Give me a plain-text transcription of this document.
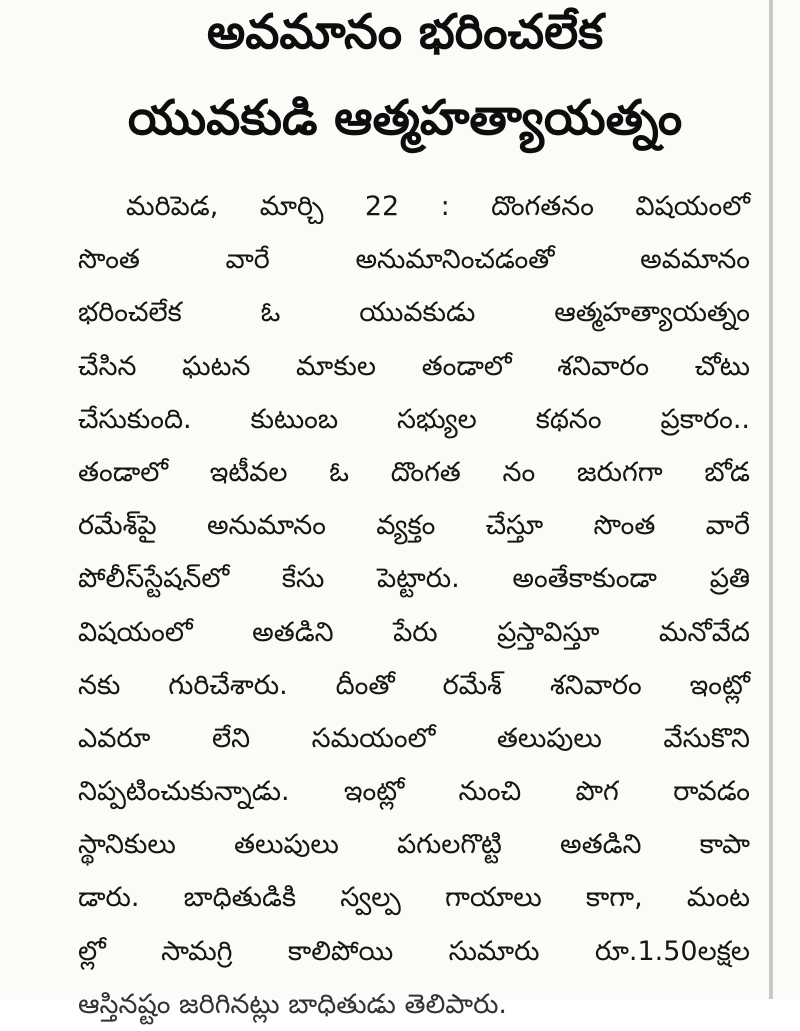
అవమానం భరించలేక
యువకుడి ఆత్మహత్యాయత్నం
మరిపెడ, మార్చి 22 : దొంగతనం విషయంలో
సొంత వారే అనుమానించడంతో అవమానం
భరించలేక ఓ యువకుడు ఆత్మహత్యాయత్నం
చేసిన ఘటన మాకుల తండాలో శనివారం చోటు
చేసుకుంది. కుటుంబ సభ్యుల కథనం ప్రకారం..
తండాలో ఇటీవల ఓ దొంగత నం జరుగగా బోడ
రమేశ్‌పై అనుమానం వ్యక్తం చేస్తూ సొంత వారే
పోలీస్‌స్టేషన్‌లో కేసు పెట్టారు. అంతేకాకుండా ప్రతి
విషయంలో అతడిని పేరు ప్రస్తావిస్తూ మనోవేద
నకు గురిచేశారు. దీంతో రమేశ్ శనివారం ఇంట్లో
ఎవరూ లేని సమయంలో తలుపులు వేసుకొని
నిప్పటించుకున్నాడు. ఇంట్లో నుంచి పొగ రావడం
స్థానికులు తలుపులు పగులగొట్టి అతడిని కాపా
డారు. బాధితుడికి స్వల్ప గాయాలు కాగా, మంట
ల్లో సామగ్రి కాలిపోయి సుమారు రూ.1.50లక్షల
ఆస్తినష్టం జరిగినట్లు బాధితుడు తెలిపారు.
